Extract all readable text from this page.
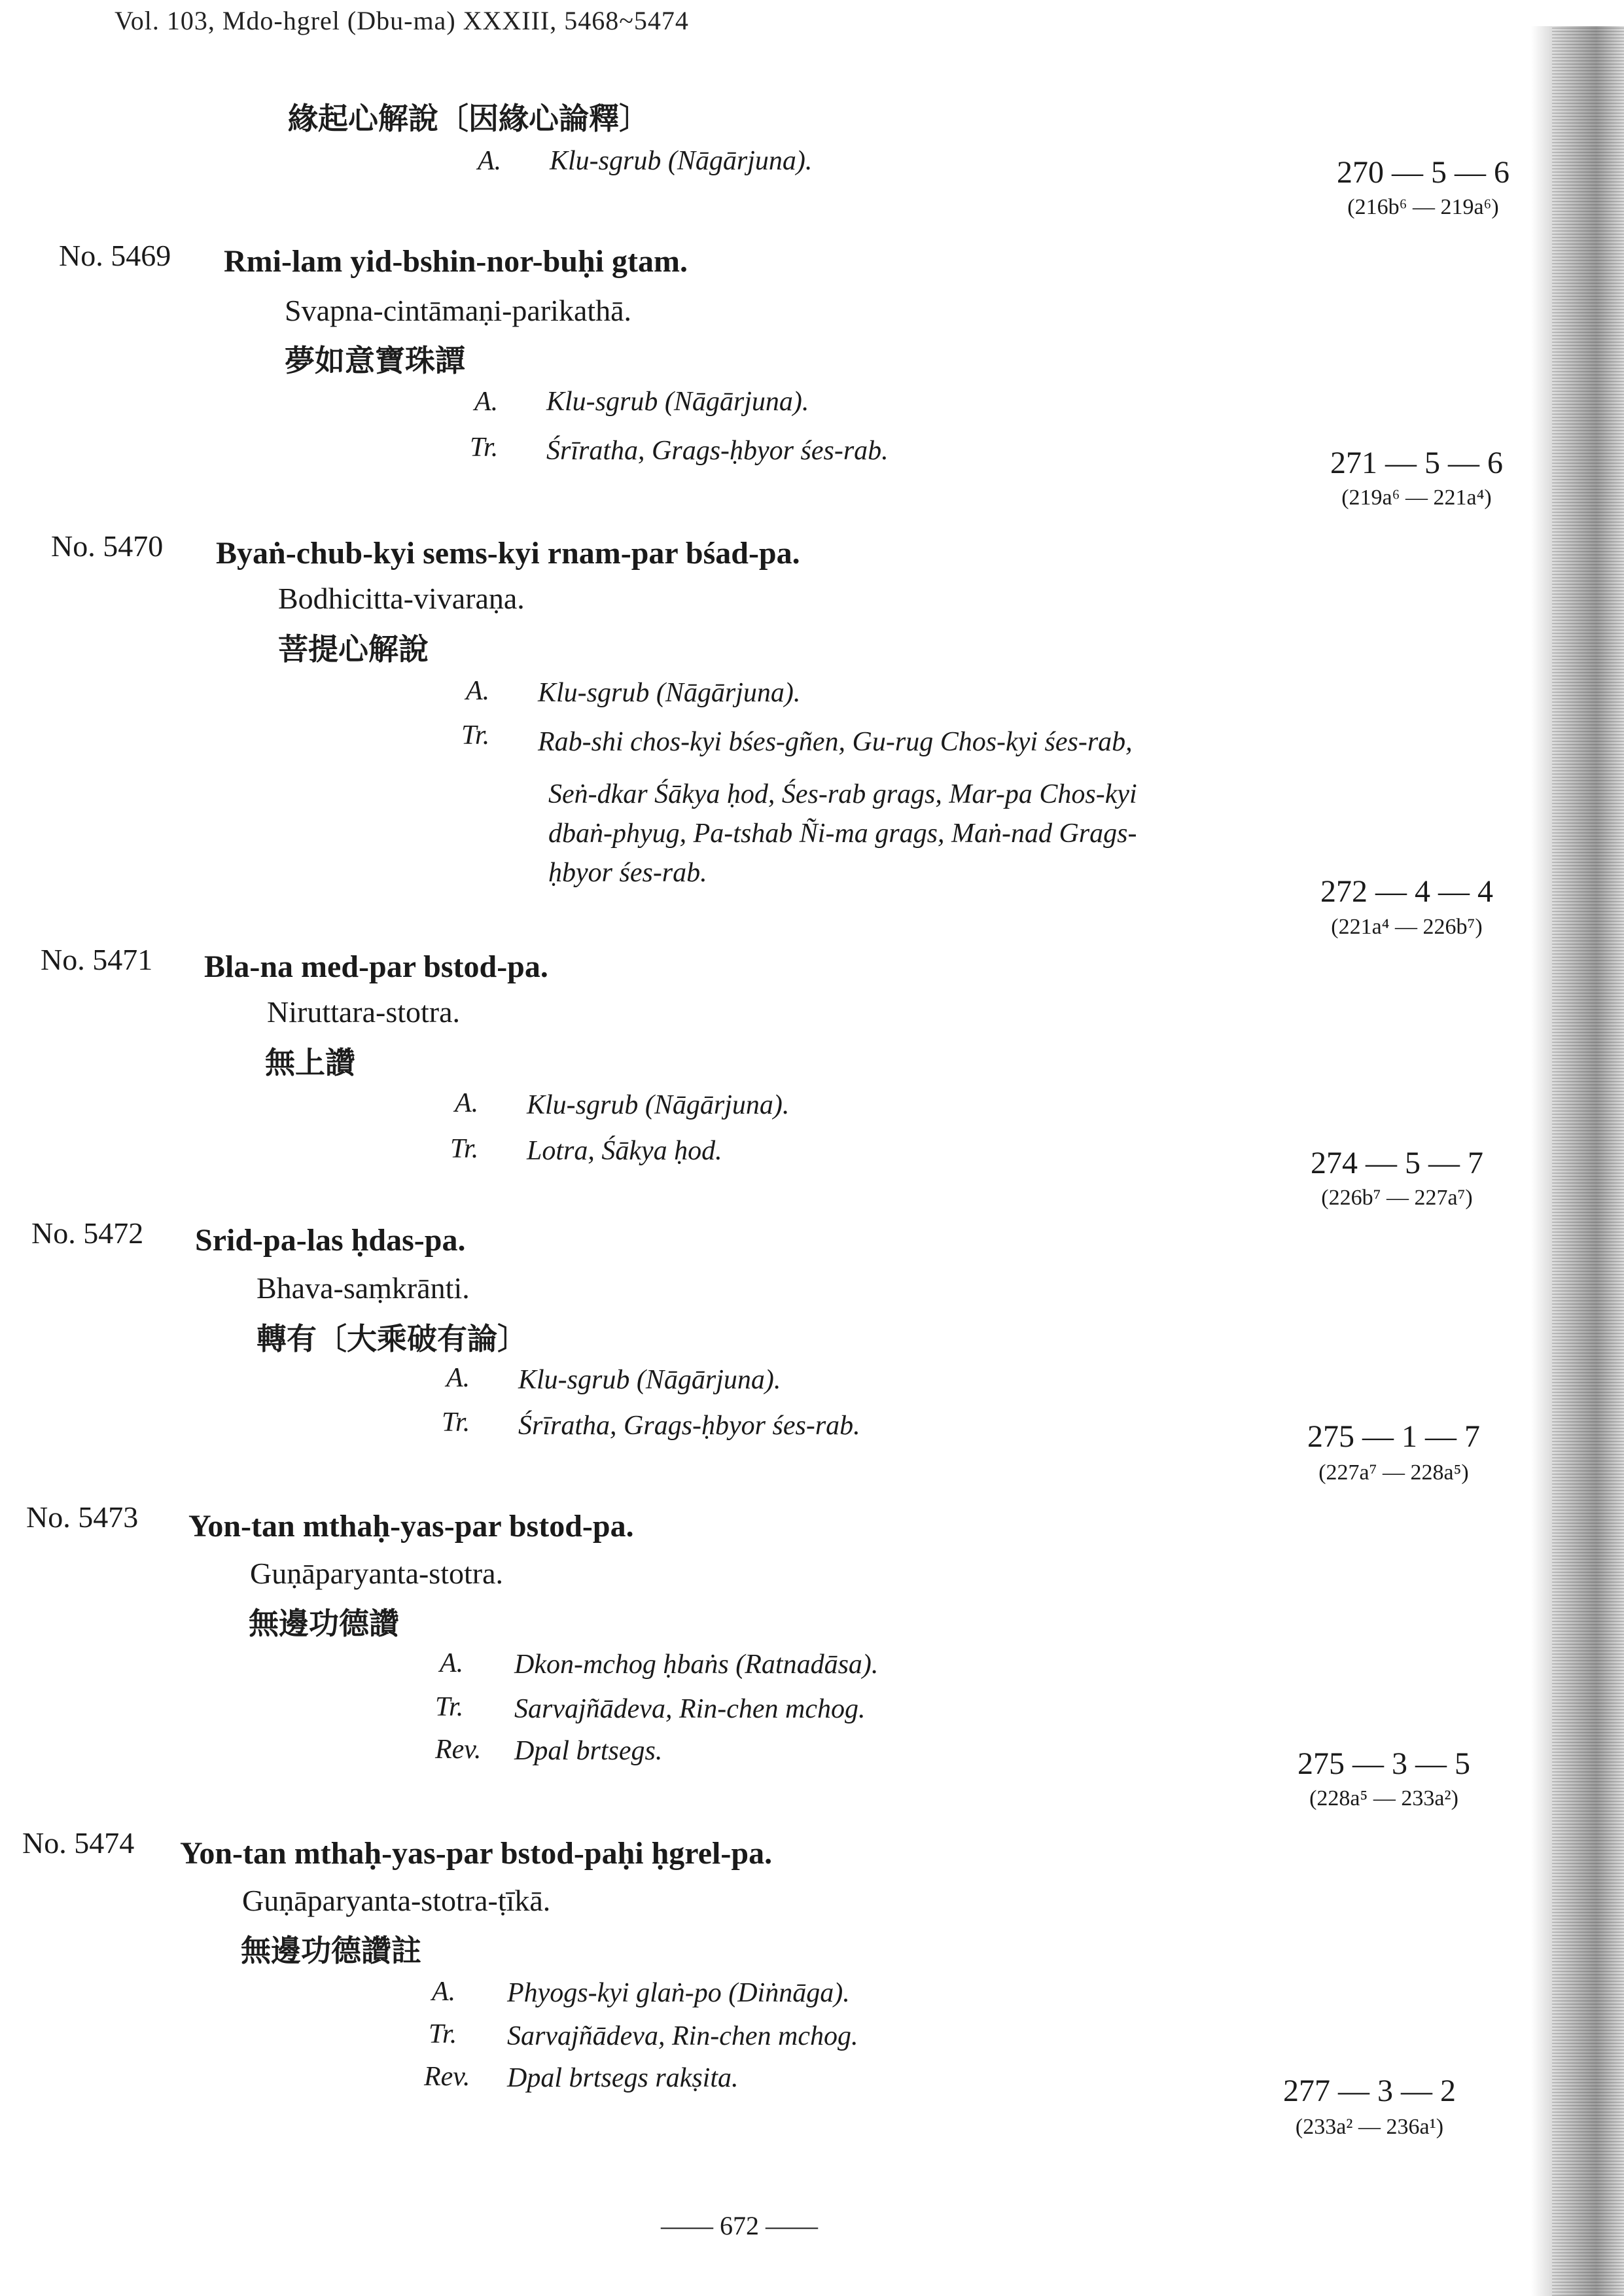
Vol. 103, Mdo-hgrel (Dbu-ma) XXXIII, 5468~5474
緣起心解說〔因緣心論釋〕
A. Klu-sgrub (Nāgārjuna).	270 — 5 — 6
(216b⁶ — 219a⁶)
No. 5469 Rmi-lam yid-bshin-nor-buḥi gtam.
Svapna-cintāmaṇi-parikathā.
夢如意寶珠譚
A. Klu-sgrub (Nāgārjuna).
Tr. Śrīratha, Grags-ḥbyor śes-rab.	271 — 5 — 6
(219a⁶ — 221a⁴)
No. 5470 Byaṅ-chub-kyi sems-kyi rnam-par bśad-pa.
Bodhicitta-vivaraṇa.
菩提心解說
A. Klu-sgrub (Nāgārjuna).
Tr. Rab-shi chos-kyi bśes-gñen, Gu-rug Chos-kyi śes-rab,
Seṅ-dkar Śākya ḥod, Śes-rab grags, Mar-pa Chos-kyi
dbaṅ-phyug, Pa-tshab Ñi-ma grags, Maṅ-nad Grags-
ḥbyor śes-rab.
272 — 4 — 4
(221a⁴ — 226b⁷)
No. 5471 Bla-na med-par bstod-pa.
Niruttara-stotra.
無上讚
A. Klu-sgrub (Nāgārjuna).
Tr. Lotra, Śākya ḥod.	274 — 5 — 7
(226b⁷ — 227a⁷)
No. 5472 Srid-pa-las ḥdas-pa.
Bhava-saṃkrānti.
轉有〔大乘破有論〕
A. Klu-sgrub (Nāgārjuna).
Tr. Śrīratha, Grags-ḥbyor śes-rab.	275 — 1 — 7
(227a⁷ — 228a⁵)
No. 5473 Yon-tan mthaḥ-yas-par bstod-pa.
Guṇāparyanta-stotra.
無邊功德讚
A. Dkon-mchog ḥbaṅs (Ratnadāsa).
Tr. Sarvajñādeva, Rin-chen mchog.
Rev. Dpal brtsegs.	275 — 3 — 5
(228a⁵ — 233a²)
No. 5474 Yon-tan mthaḥ-yas-par bstod-paḥi ḥgrel-pa.
Guṇāparyanta-stotra-ṭīkā.
無邊功德讚註
A. Phyogs-kyi glaṅ-po (Diṅnāga).
Tr. Sarvajñādeva, Rin-chen mchog.
Rev. Dpal brtsegs rakṣita.	277 — 3 — 2
(233a² — 236a¹)
—— 672 ——
